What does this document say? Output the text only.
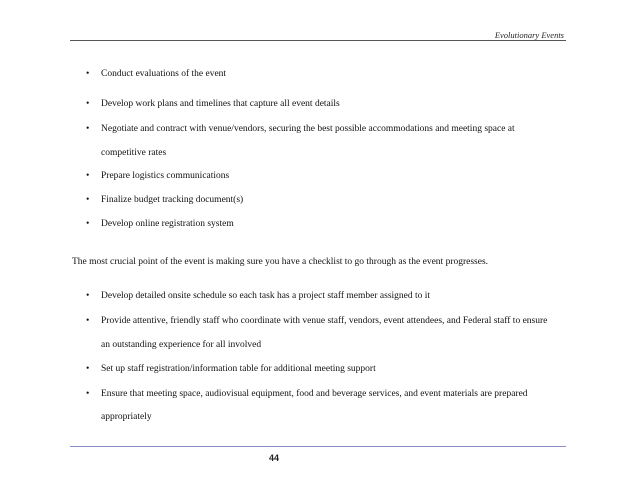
Evolutionary Events
• Conduct evaluations of the event
• Develop work plans and timelines that capture all event details
• Negotiate and contract with venue/vendors, securing the best possible accommodations and meeting space at
competitive rates
• Prepare logistics communications
• Finalize budget tracking document(s)
• Develop online registration system
The most crucial point of the event is making sure you have a checklist to go through as the event progresses.
• Develop detailed onsite schedule so each task has a project staff member assigned to it
• Provide attentive, friendly staff who coordinate with venue staff, vendors, event attendees, and Federal staff to ensure
an outstanding experience for all involved
• Set up staff registration/information table for additional meeting support
• Ensure that meeting space, audiovisual equipment, food and beverage services, and event materials are prepared
appropriately
44
